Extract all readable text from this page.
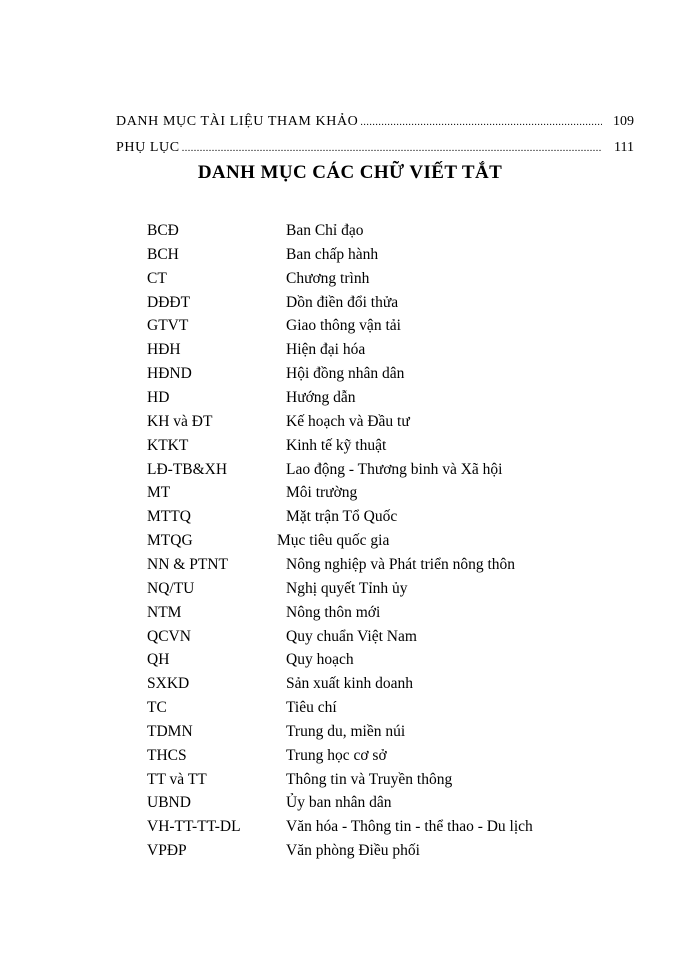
DANH MỤC TÀI LIỆU THAM KHẢO .....	109
PHỤ LỤC .....	111
DANH MỤC CÁC CHỮ VIẾT TẮT
BCĐ	Ban Chỉ đạo
BCH	Ban chấp hành
CT	Chương trình
DĐĐT	Dồn điền đổi thửa
GTVT	Giao thông vận tải
HĐH	Hiện đại hóa
HĐND	Hội đồng nhân dân
HD	Hướng dẫn
KH và ĐT	Kế hoạch và Đầu tư
KTKT	Kinh tế kỹ thuật
LĐ-TB&XH	Lao động - Thương binh và Xã hội
MT	Môi trường
MTTQ	Mặt trận Tổ Quốc
MTQG	Mục tiêu quốc gia
NN & PTNT	Nông nghiệp và Phát triển nông thôn
NQ/TU	Nghị quyết Tỉnh ủy
NTM	Nông thôn mới
QCVN	Quy chuẩn Việt Nam
QH	Quy hoạch
SXKD	Sản xuất kinh doanh
TC	Tiêu chí
TDMN	Trung du, miền núi
THCS	Trung học cơ sở
TT và TT	Thông tin và Truyền thông
UBND	Ủy ban nhân dân
VH-TT-TT-DL	Văn hóa - Thông tin - thể thao - Du lịch
VPĐP	Văn phòng Điều phối
